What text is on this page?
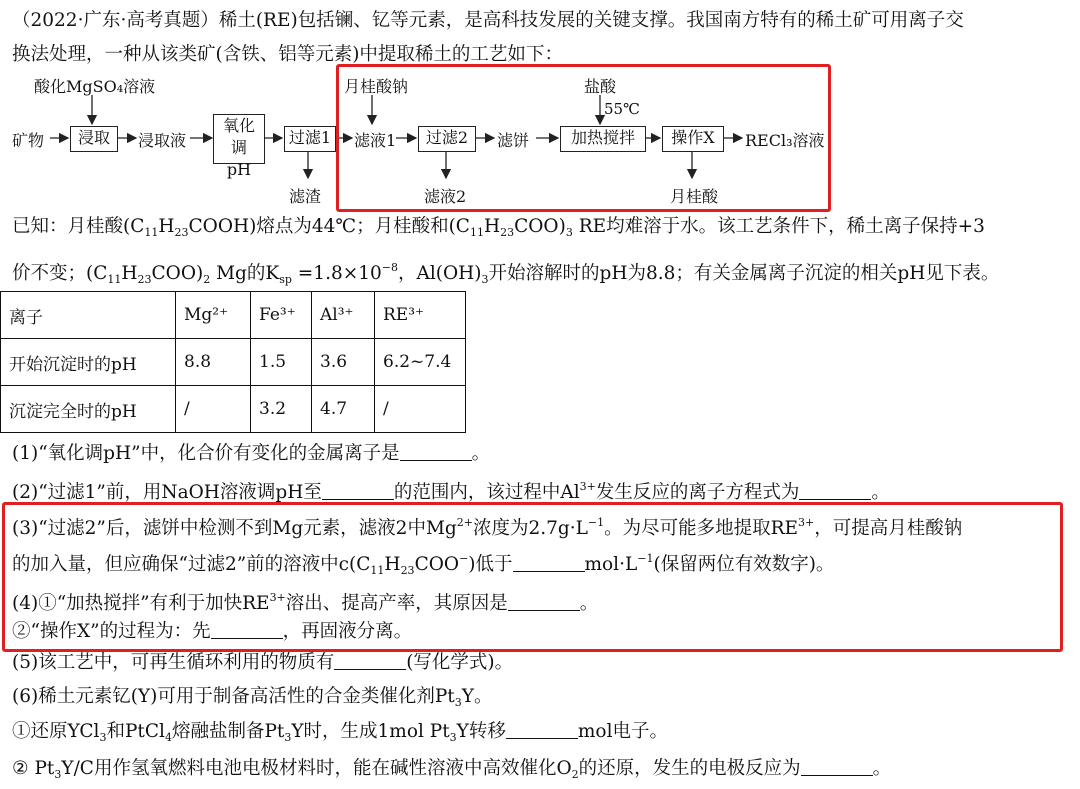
（2022·广东·高考真题）稀土(RE)包括镧、钇等元素，是高科技发展的关键支撑。我国南方特有的稀土矿可用离子交
换法处理，一种从该类矿(含铁、铝等元素)中提取稀土的工艺如下：
矿物	浸取
酸化MgSO₄溶液
浸取液
氧化调pH
过滤1
滤渣
月桂酸钠
滤液1	过滤2
滤液2
滤饼
盐酸
55℃
加热搅拌	操作X	RECl₃溶液
月桂酸
已知：月桂酸$(C_{11}H_{23}COOH)$熔点为44℃；月桂酸和$(C_{11}H_{23}COO)_3$ RE均难溶于水。该工艺条件下，稀土离子保持+3
价不变；$(C_{11}H_{23}COO)_2$ Mg的$K_{sp} =1.8\times 10^{-8}$，$Al(OH)_3$开始溶解时的pH为8.8；有关金属离子沉淀的相关pH见下表。
离子	Mg²⁺	Fe³⁺	Al³⁺	RE³⁺
开始沉淀时的pH	8.8	1.5	3.6	6.2~7.4
沉淀完全时的pH	/	3.2	4.7	/
(1)“氧化调pH”中，化合价有变化的金属离子是	。
(2)“过滤1”前，用NaOH溶液调pH至	的范围内，该过程中$Al^{3+}$发生反应的离子方程式为	。
(3)“过滤2”后，滤饼中检测不到Mg元素，滤液2中$Mg^{2+}$浓度为$2.7g\cdot L^{-1}$。为尽可能多地提取$RE^{3+}$，可提高月桂酸钠
的加入量，但应确保“过滤2”前的溶液中$c(C_{11}H_{23}COO^-)$低于	$mol\cdot L^{-1}$(保留两位有效数字)。
(4)①“加热搅拌”有利于加快$RE^{3+}$溶出、提高产率，其原因是	。
②“操作X”的过程为：先	，再固液分离。
(5)该工艺中，可再生循环利用的物质有	(写化学式)。
(6)稀土元素钇(Y)可用于制备高活性的合金类催化剂$Pt_3Y$。
①还原YCl$_3$和PtCl$_4$熔融盐制备$Pt_3Y$时，生成1mol $Pt_3Y$转移	mol电子。
② $Pt_3Y/C$用作氢氧燃料电池电极材料时，能在碱性溶液中高效催化$O_2$的还原，发生的电极反应为	。
